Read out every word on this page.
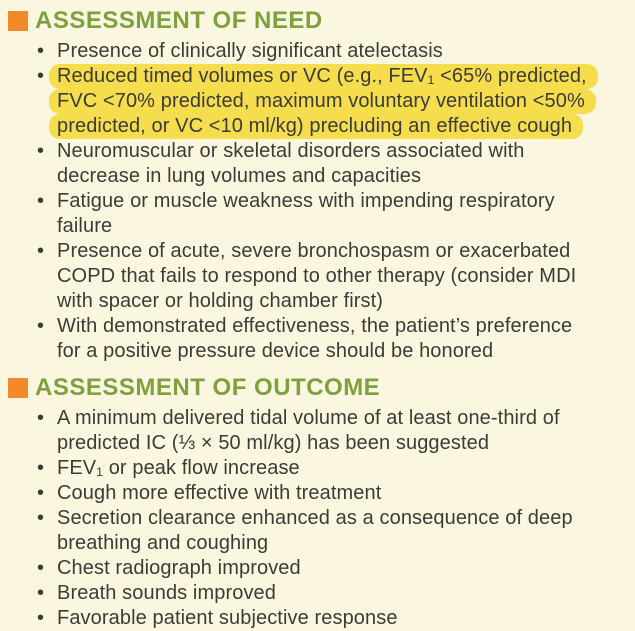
ASSESSMENT OF NEED
• Presence of clinically significant atelectasis
• Reduced timed volumes or VC (e.g., FEV₁ <65% predicted,
FVC <70% predicted, maximum voluntary ventilation <50%
predicted, or VC <10 ml/kg) precluding an effective cough
• Neuromuscular or skeletal disorders associated with
decrease in lung volumes and capacities
• Fatigue or muscle weakness with impending respiratory
failure
• Presence of acute, severe bronchospasm or exacerbated
COPD that fails to respond to other therapy (consider MDI
with spacer or holding chamber first)
• With demonstrated effectiveness, the patient’s preference
for a positive pressure device should be honored
ASSESSMENT OF OUTCOME
• A minimum delivered tidal volume of at least one-third of
predicted IC (⅓ × 50 ml/kg) has been suggested
• FEV₁ or peak flow increase
• Cough more effective with treatment
• Secretion clearance enhanced as a consequence of deep
breathing and coughing
• Chest radiograph improved
• Breath sounds improved
• Favorable patient subjective response
